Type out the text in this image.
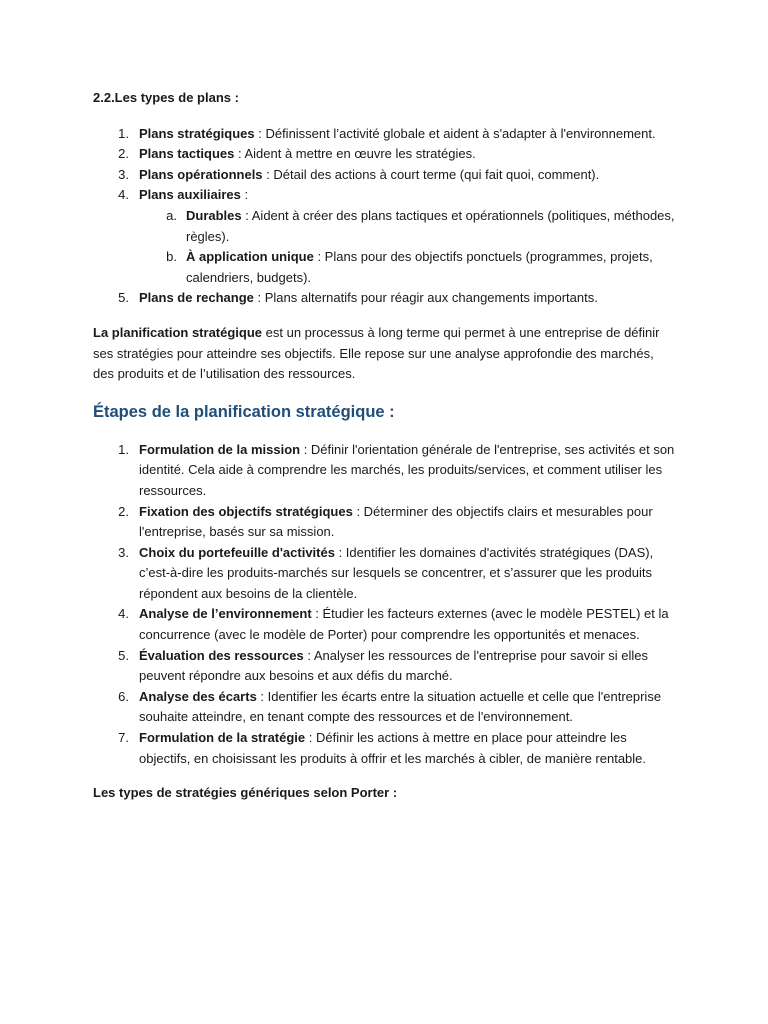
2.2.Les types de plans :
1. Plans stratégiques : Définissent l’activité globale et aident à s'adapter à l'environnement.
2. Plans tactiques : Aident à mettre en œuvre les stratégies.
3. Plans opérationnels : Détail des actions à court terme (qui fait quoi, comment).
4. Plans auxiliaires :
a. Durables : Aident à créer des plans tactiques et opérationnels (politiques, méthodes, règles).
b. À application unique : Plans pour des objectifs ponctuels (programmes, projets, calendriers, budgets).
5. Plans de rechange : Plans alternatifs pour réagir aux changements importants.

La planification stratégique est un processus à long terme qui permet à une entreprise de définir ses stratégies pour atteindre ses objectifs. Elle repose sur une analyse approfondie des marchés, des produits et de l’utilisation des ressources.

Étapes de la planification stratégique :
1. Formulation de la mission : Définir l'orientation générale de l'entreprise, ses activités et son identité. Cela aide à comprendre les marchés, les produits/services, et comment utiliser les ressources.
2. Fixation des objectifs stratégiques : Déterminer des objectifs clairs et mesurables pour l'entreprise, basés sur sa mission.
3. Choix du portefeuille d'activités : Identifier les domaines d'activités stratégiques (DAS), c’est-à-dire les produits-marchés sur lesquels se concentrer, et s’assurer que les produits répondent aux besoins de la clientèle.
4. Analyse de l’environnement : Étudier les facteurs externes (avec le modèle PESTEL) et la concurrence (avec le modèle de Porter) pour comprendre les opportunités et menaces.
5. Évaluation des ressources : Analyser les ressources de l'entreprise pour savoir si elles peuvent répondre aux besoins et aux défis du marché.
6. Analyse des écarts : Identifier les écarts entre la situation actuelle et celle que l'entreprise souhaite atteindre, en tenant compte des ressources et de l'environnement.
7. Formulation de la stratégie : Définir les actions à mettre en place pour atteindre les objectifs, en choisissant les produits à offrir et les marchés à cibler, de manière rentable.
Les types de stratégies génériques selon Porter :
